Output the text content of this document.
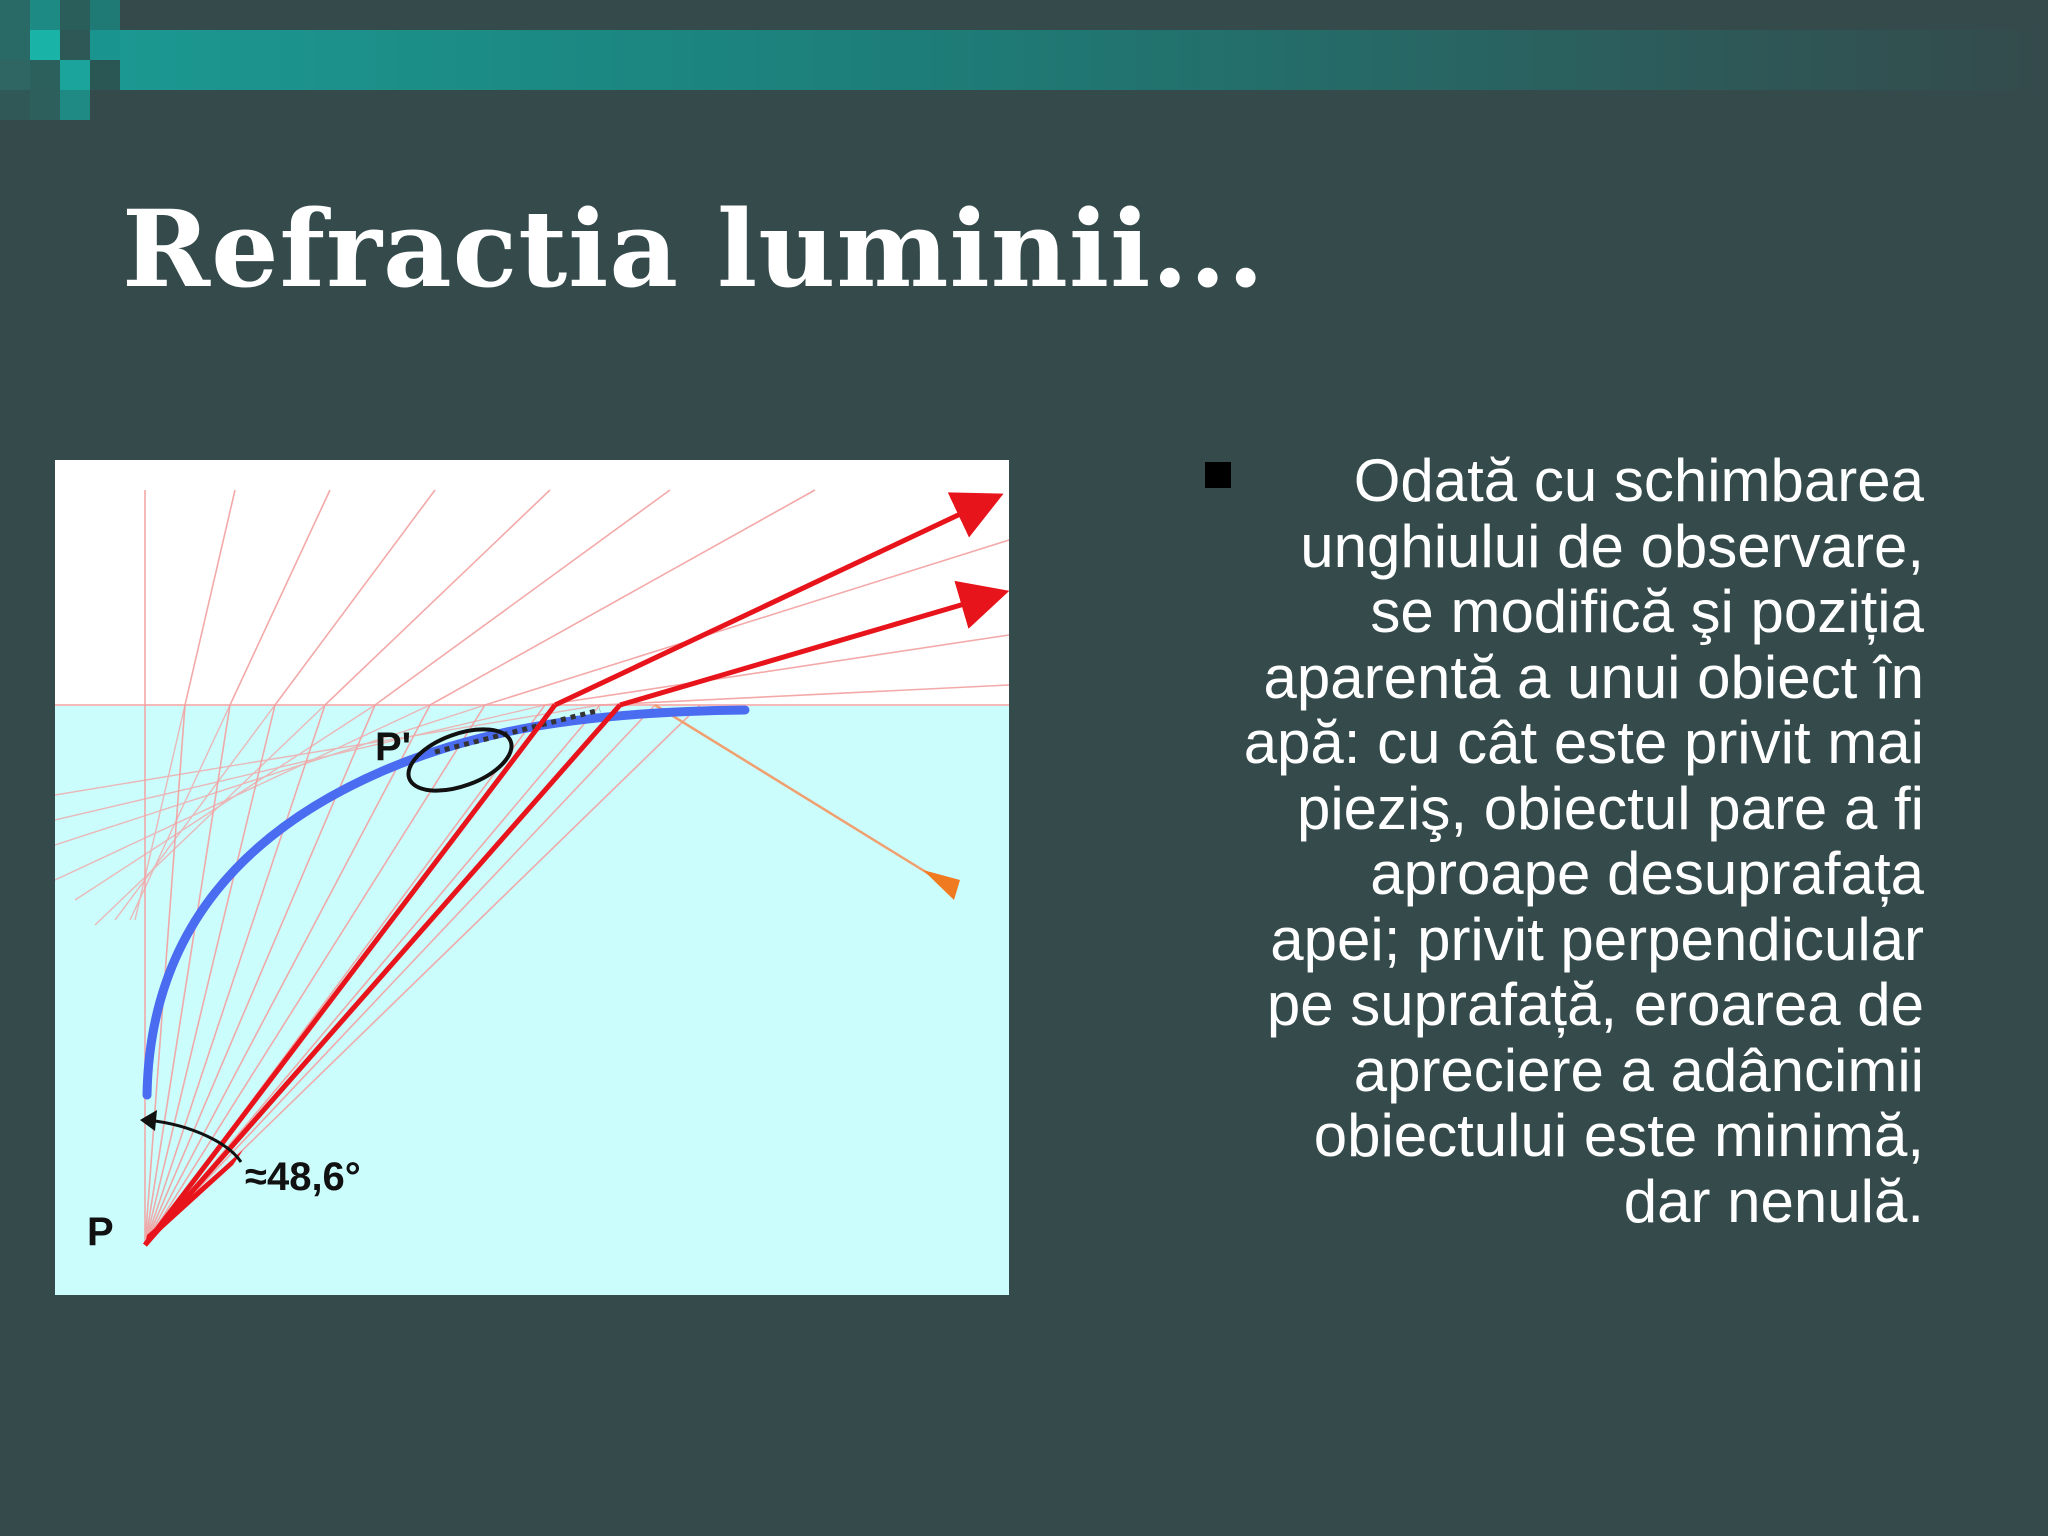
Refractia luminii...
P'
P
≈48,6°

Odată cu schimbarea
unghiului de observare,
se modifică şi poziția
aparentă a unui obiect în
apă: cu cât este privit mai
pieziş, obiectul pare a fi
aproape desuprafața
apei; privit perpendicular
pe suprafață, eroarea de
apreciere a adâncimii
obiectului este minimă,
dar nenulă.
